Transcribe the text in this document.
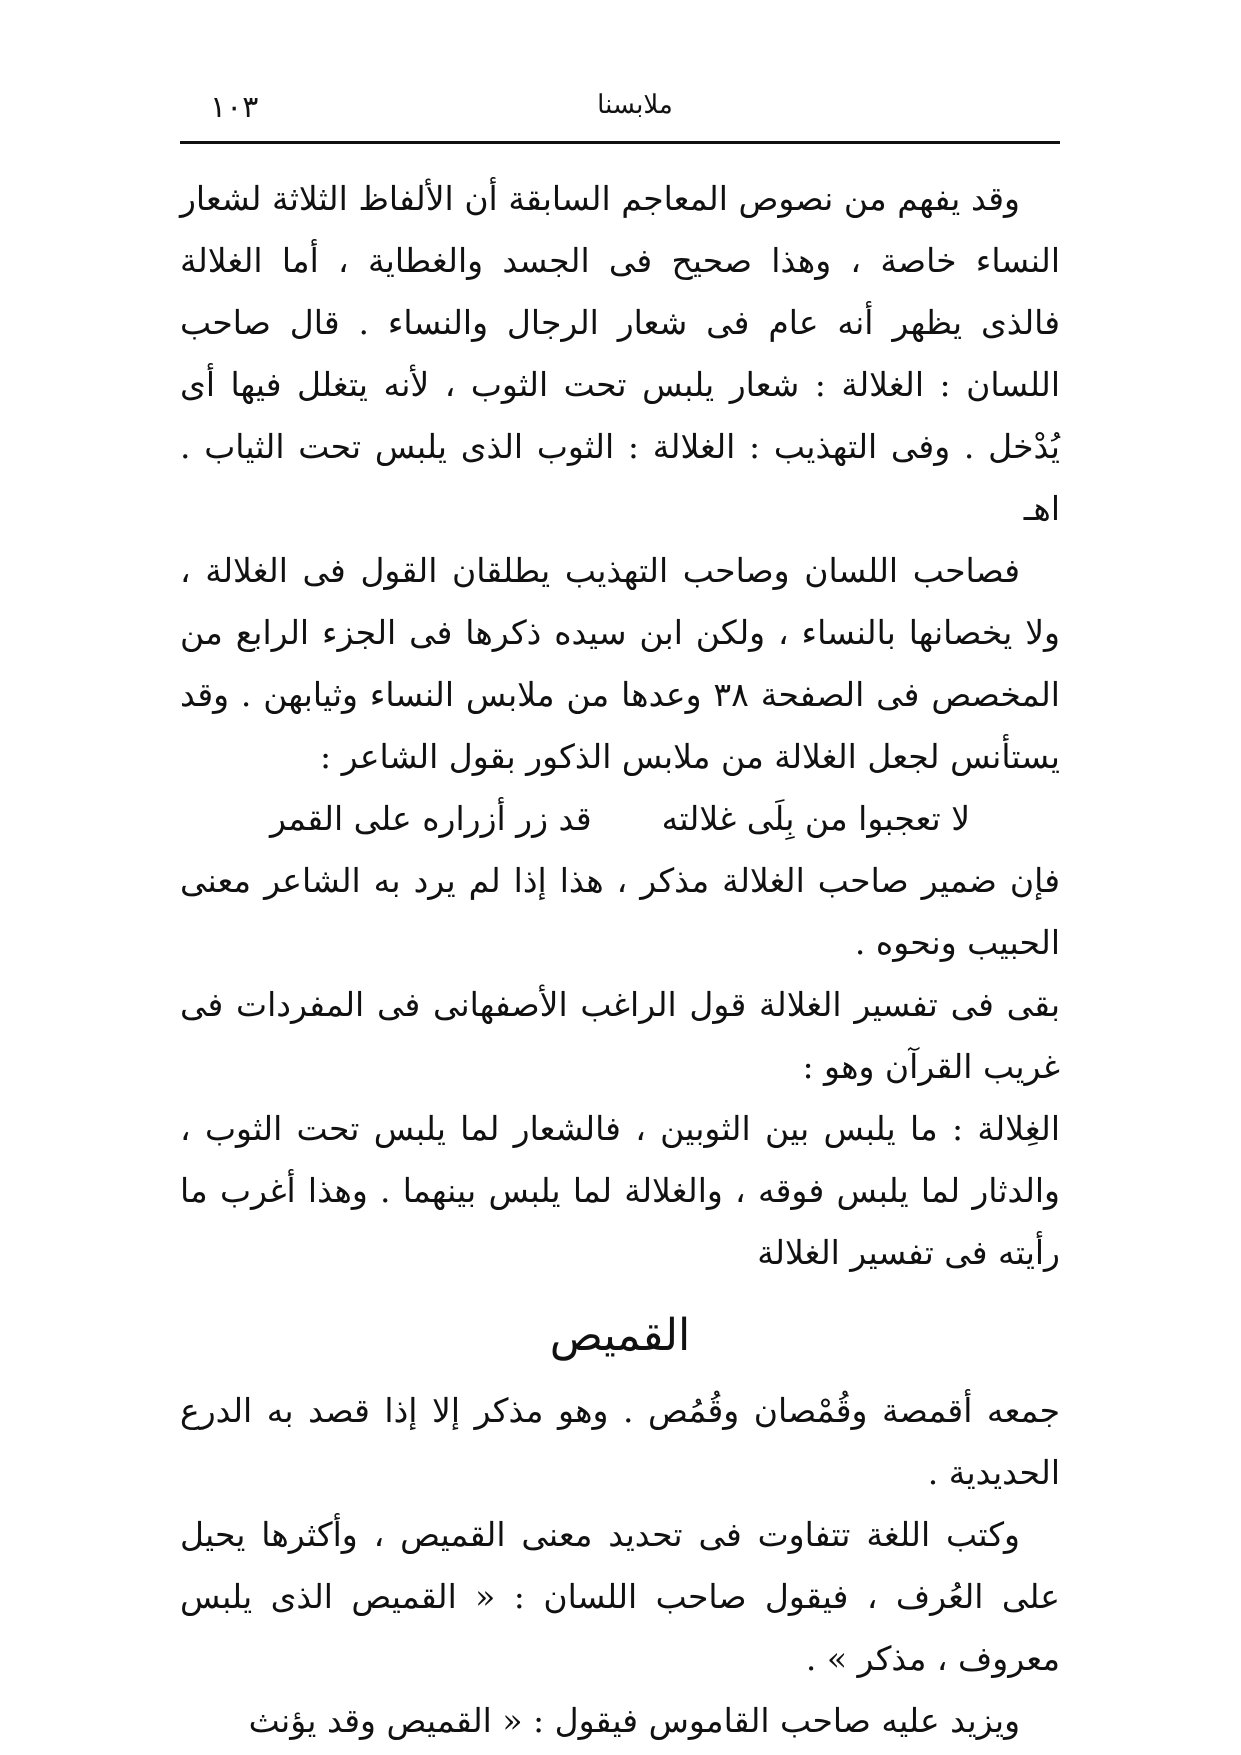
١٠٣	ملابسنا

وقد يفهم من نصوص المعاجم السابقة أن الألفاظ الثلاثة لشعار النساء خاصة ، وهذا صحيح فى الجسد والغطاية ، أما الغلالة فالذى يظهر أنه عام فى شعار الرجال والنساء . قال صاحب اللسان : الغلالة : شعار يلبس تحت الثوب ، لأنه يتغلل فيها أى يُدْخل . وفى التهذيب : الغلالة : الثوب الذى يلبس تحت الثياب . اهـ

فصاحب اللسان وصاحب التهذيب يطلقان القول فى الغلالة ، ولا يخصانها بالنساء ، ولكن ابن سيده ذكرها فى الجزء الرابع من المخصص فى الصفحة ٣٨ وعدها من ملابس النساء وثيابهن . وقد يستأنس لجعل الغلالة من ملابس الذكور بقول الشاعر :

لا تعجبوا من بِلَى غلالته
قد زر أزراره على القمر

فإن ضمير صاحب الغلالة مذكر ، هذا إذا لم يرد به الشاعر معنى الحبيب ونحوه .

بقى فى تفسير الغلالة قول الراغب الأصفهانى فى المفردات فى غريب القرآن وهو :

الغِلالة : ما يلبس بين الثوبين ، فالشعار لما يلبس تحت الثوب ، والدثار لما يلبس فوقه ، والغلالة لما يلبس بينهما . وهذا أغرب ما رأيته فى تفسير الغلالة

القميص

جمعه أقمصة وقُمْصان وقُمُص . وهو مذكر إلا إذا قصد به الدرع الحديدية .

وكتب اللغة تتفاوت فى تحديد معنى القميص ، وأكثرها يحيل على العُرف ، فيقول صاحب اللسان : « القميص الذى يلبس معروف ، مذكر » .

ويزيد عليه صاحب القاموس فيقول : « القميص وقد يؤنث
